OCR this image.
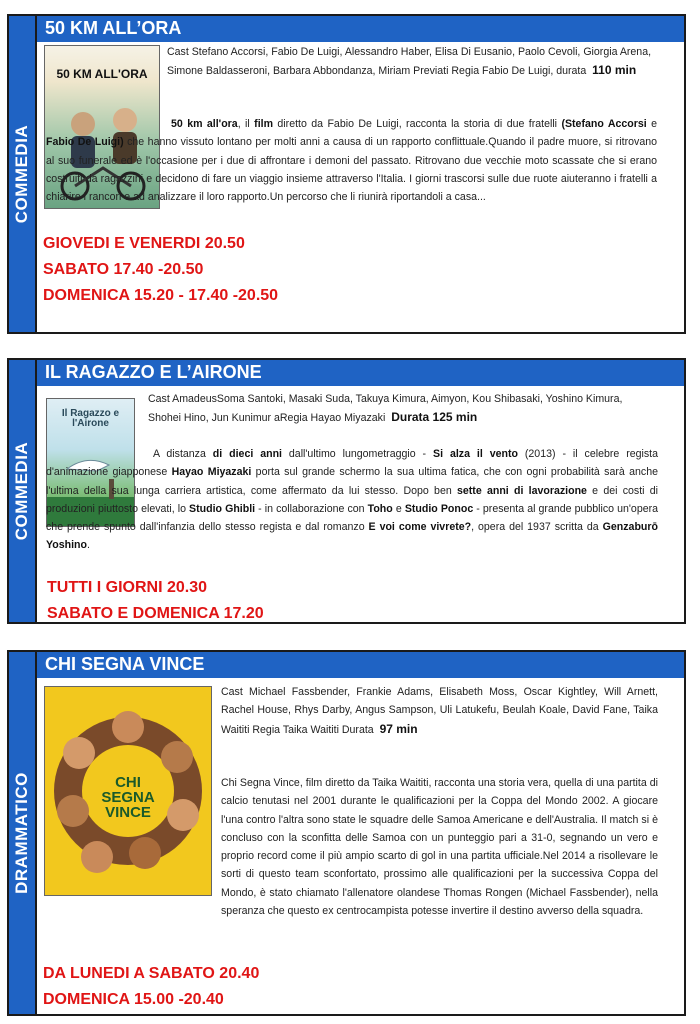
COMMEDIA
50 KM ALL’ORA
50 KM ALL'ORA
Cast Stefano Accorsi, Fabio De Luigi, Alessandro Haber, Elisa Di Eusanio, Paolo Cevoli, Giorgia Arena, Simone Baldasseroni, Barbara Abbondanza, Miriam Previati Regia Fabio De Luigi, durata 110 min
50 km all'ora, il film diretto da Fabio De Luigi, racconta la storia di due fratelli (Stefano Accorsi e Fabio De Luigi) che hanno vissuto lontano per molti anni a causa di un rapporto conflittuale.Quando il padre muore, si ritrovano al suo funerale ed è l'occasione per i due di affrontare i demoni del passato. Ritrovano due vecchie moto scassate che si erano costruiti da ragazzini e decidono di fare un viaggio insieme attraverso l'Italia. I giorni trascorsi sulle due ruote aiuteranno i fratelli a chiarire i rancori e ad analizzare il loro rapporto.Un percorso che li riunirà riportandoli a casa...
GIOVEDI E VENERDI 20.50
SABATO 17.40 -20.50
DOMENICA 15.20 - 17.40 -20.50
COMMEDIA
IL RAGAZZO E L’AIRONE
Il Ragazzo e l'Airone
Cast AmadeusSoma Santoki, Masaki Suda, Takuya Kimura, Aimyon, Kou Shibasaki, Yoshino Kimura, Shohei Hino, Jun Kunimur aRegia Hayao Miyazaki Durata 125 min
A distanza di dieci anni dall'ultimo lungometraggio - Si alza il vento (2013) - il celebre regista d'animazione giapponese Hayao Miyazaki porta sul grande schermo la sua ultima fatica, che con ogni probabilità sarà anche l'ultima della sua lunga carriera artistica, come affermato da lui stesso. Dopo ben sette anni di lavorazione e dei costi di produzioni piuttosto elevati, lo Studio Ghibli - in collaborazione con Toho e Studio Ponoc - presenta al grande pubblico un'opera che prende spunto dall'infanzia dello stesso regista e dal romanzo E voi come vivrete?, opera del 1937 scritta da Genzaburō Yoshino.
TUTTI I GIORNI 20.30
SABATO E DOMENICA 17.20
DRAMMATICO
CHI SEGNA VINCE
CHI SEGNA VINCE
Cast Michael Fassbender, Frankie Adams, Elisabeth Moss, Oscar Kightley, Will Arnett, Rachel House, Rhys Darby, Angus Sampson, Uli Latukefu, Beulah Koale, David Fane, Taika Waititi Regia Taika Waititi Durata 97 min
Chi Segna Vince, film diretto da Taika Waititi, racconta una storia vera, quella di una partita di calcio tenutasi nel 2001 durante le qualificazioni per la Coppa del Mondo 2002. A giocare l'una contro l'altra sono state le squadre delle Samoa Americane e dell'Australia. Il match si è concluso con la sconfitta delle Samoa con un punteggio pari a 31-0, segnando un vero e proprio record come il più ampio scarto di gol in una partita ufficiale.Nel 2014 a risollevare le sorti di questo team sconfortato, prossimo alle qualificazioni per la successiva Coppa del Mondo, è stato chiamato l'allenatore olandese Thomas Rongen (Michael Fassbender), nella speranza che questo ex centrocampista potesse invertire il destino avverso della squadra.
DA LUNEDI A SABATO 20.40
DOMENICA 15.00 -20.40
